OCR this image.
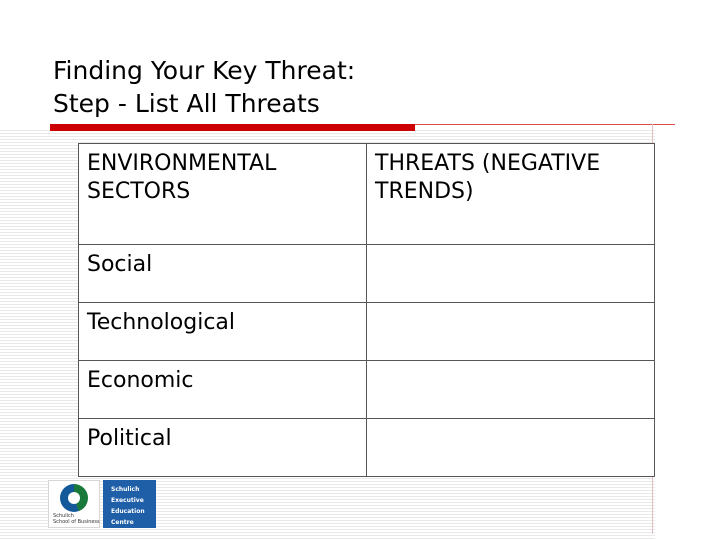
Finding Your Key Threat:
Step - List All Threats
ENVIRONMENTAL SECTORS	THREATS (NEGATIVE TRENDS)
Social	
Technological	
Economic	
Political	
Schulich
School of Business
Schulich
Executive
Education
Centre
